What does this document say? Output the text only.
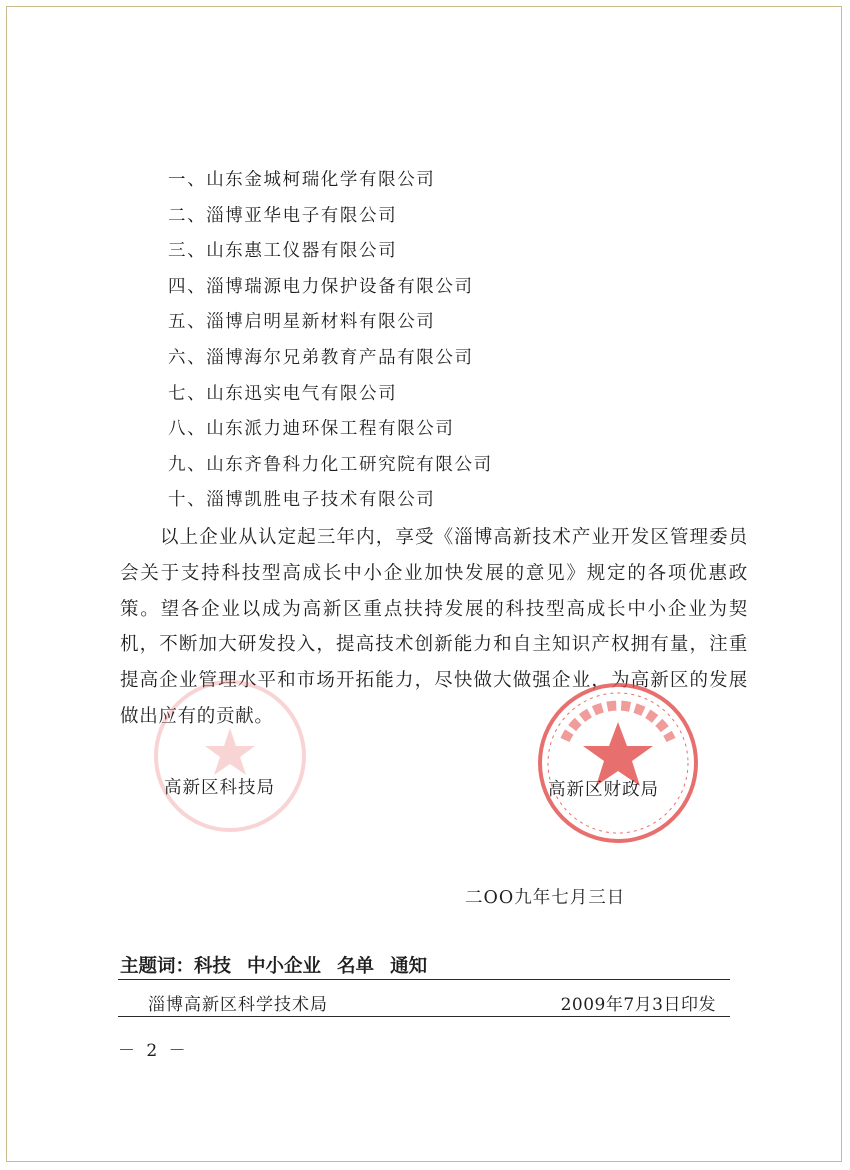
一、山东金城柯瑞化学有限公司
二、淄博亚华电子有限公司
三、山东惠工仪器有限公司
四、淄博瑞源电力保护设备有限公司
五、淄博启明星新材料有限公司
六、淄博海尔兄弟教育产品有限公司
七、山东迅实电气有限公司
八、山东派力迪环保工程有限公司
九、山东齐鲁科力化工研究院有限公司
十、淄博凯胜电子技术有限公司

以上企业从认定起三年内，享受《淄博高新技术产业开发区管理委员会关于支持科技型高成长中小企业加快发展的意见》规定的各项优惠政策。望各企业以成为高新区重点扶持发展的科技型高成长中小企业为契机，不断加大研发投入，提高技术创新能力和自主知识产权拥有量，注重提高企业管理水平和市场开拓能力，尽快做大做强企业，为高新区的发展做出应有的贡献。

高新区科技局	高新区财政局
二OO九年七月三日
主题词：科技 中小企业 名单 通知
淄博高新区科学技术局	2009年7月3日印发
－ 2 －
